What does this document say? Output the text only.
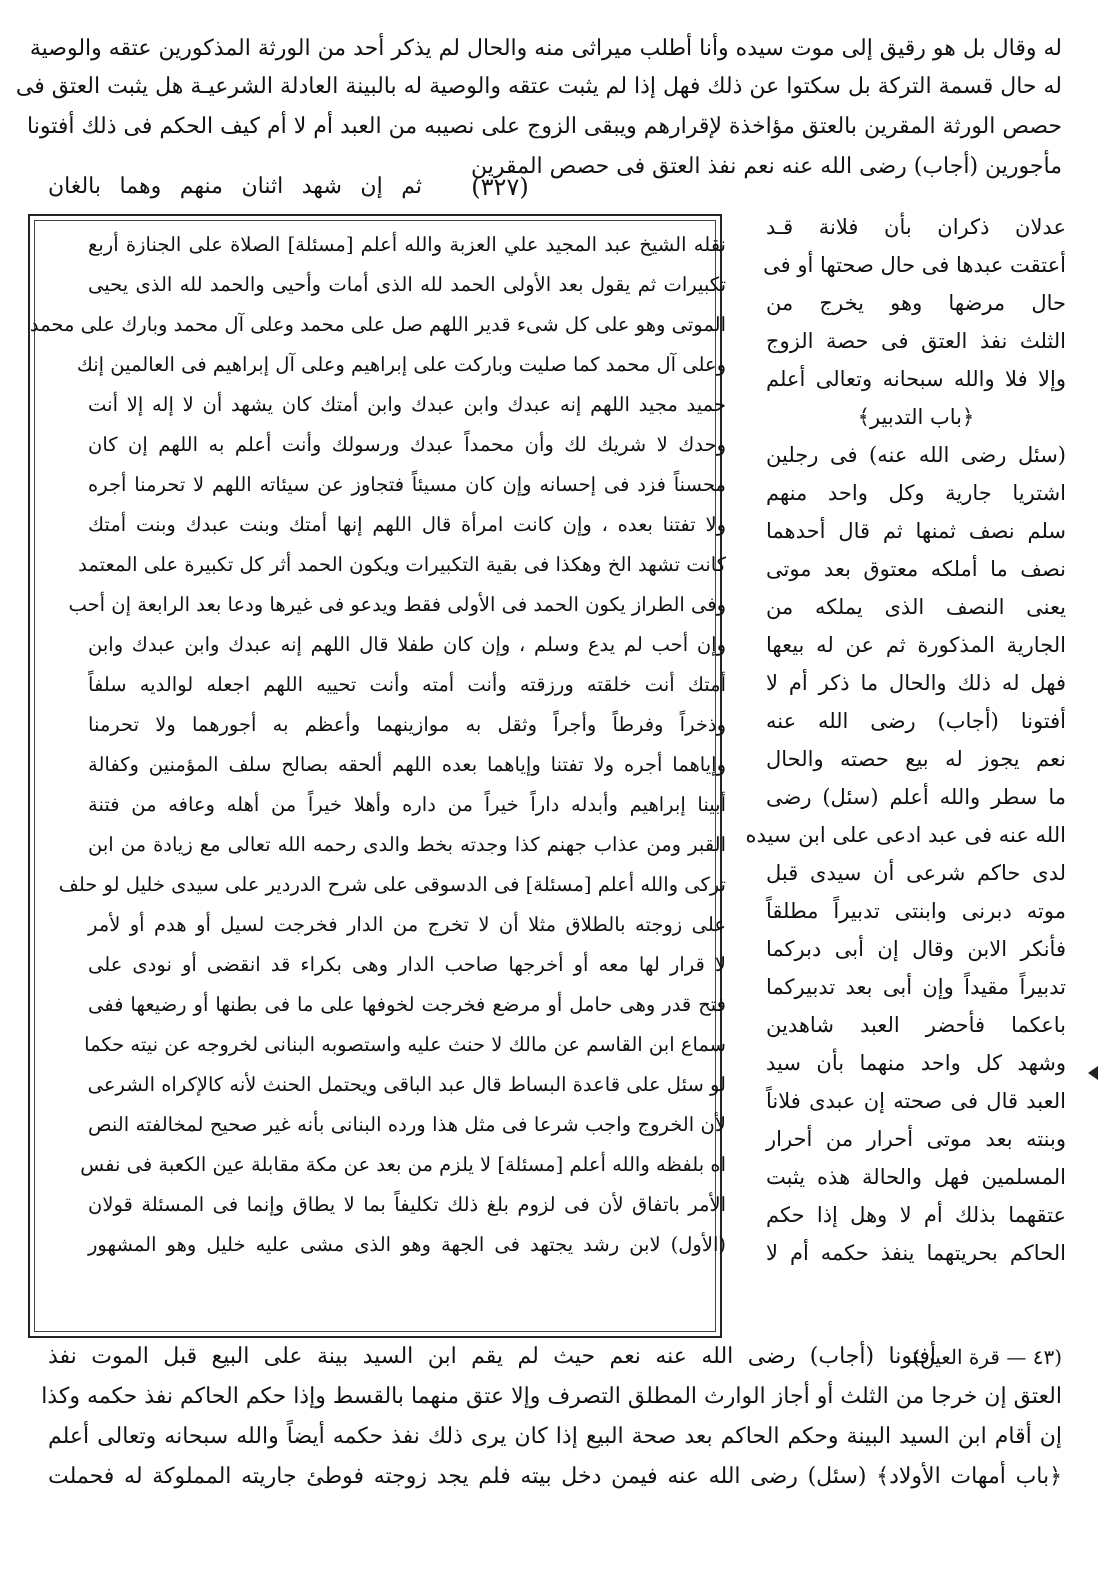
له وقال بل هو رقيق إلى موت سيده وأنا أطلب ميراثى منه والحال لم يذكر أحد من الورثة المذكورين عتقه والوصية
له حال قسمة التركة بل سكتوا عن ذلك فهل إذا لم يثبت عتقه والوصية له بالبينة العادلة الشرعيـة هل يثبت العتق فى
حصص الورثة المقرين بالعتق مؤاخذة لإقرارهم ويبقى الزوج على نصيبه من العبد أم لا أم كيف الحكم فى ذلك أفتونا
مأجورين (أجاب) رضى الله عنه نعم نفذ العتق فى حصص المقرين
(٣٢٧)
ثم إن شهد اثنان منهم وهما بالغان
عدلان ذكران بأن فلانة قـد
أعتقت عبدها فى حال صحتها أو فى
حال مرضها وهو يخرج من
الثلث نفذ العتق فى حصة الزوج
وإلا فلا والله سبحانه وتعالى أعلم
﴿باب التدبير﴾
(سئل رضى الله عنه) فى رجلين
اشتريا جارية وكل واحد منهم
سلم نصف ثمنها ثم قال أحدهما
نصف ما أملكه معتوق بعد موتى
يعنى النصف الذى يملكه من
الجارية المذكورة ثم عن له بيعها
فهل له ذلك والحال ما ذكر أم لا
أفتونا (أجاب) رضى الله عنه
نعم يجوز له بيع حصته والحال
ما سطر والله أعلم (سئل) رضى
الله عنه فى عبد ادعى على ابن سيده
لدى حاكم شرعى أن سيدى قبل
موته دبرنى وابنتى تدبيراً مطلقاً
فأنكر الابن وقال إن أبى دبركما
تدبيراً مقيداً وإن أبى بعد تدبيركما
باعكما فأحضر العبد شاهدين
وشهد كل واحد منهما بأن سيد
العبد قال فى صحته إن عبدى فلاناً
وبنته بعد موتى أحرار من أحرار
المسلمين فهل والحالة هذه يثبت
عتقهما بذلك أم لا وهل إذا حكم
الحاكم بحريتهما ينفذ حكمه أم لا
نقله الشيخ عبد المجيد علي العزبة والله أعلم [مسئلة] الصلاة على الجنازة أربع
تكبيرات ثم يقول بعد الأولى الحمد لله الذى أمات وأحيى والحمد لله الذى يحيى
الموتى وهو على كل شىء قدير اللهم صل على محمد وعلى آل محمد وبارك على محمد
وعلى آل محمد كما صليت وباركت على إبراهيم وعلى آل إبراهيم فى العالمين إنك
حميد مجيد اللهم إنه عبدك وابن عبدك وابن أمتك كان يشهد أن لا إله إلا أنت
وحدك لا شريك لك وأن محمداً عبدك ورسولك وأنت أعلم به اللهم إن كان
محسناً فزد فى إحسانه وإن كان مسيئاً فتجاوز عن سيئاته اللهم لا تحرمنا أجره
ولا تفتنا بعده ، وإن كانت امرأة قال اللهم إنها أمتك وبنت عبدك وبنت أمتك
كانت تشهد الخ وهكذا فى بقية التكبيرات ويكون الحمد أثر كل تكبيرة على المعتمد
وفى الطراز يكون الحمد فى الأولى فقط ويدعو فى غيرها ودعا بعد الرابعة إن أحب
وإن أحب لم يدع وسلم ، وإن كان طفلا قال اللهم إنه عبدك وابن عبدك وابن
أمتك أنت خلقته ورزقته وأنت أمته وأنت تحييه اللهم اجعله لوالديه سلفاً
وذخراً وفرطاً وأجراً وثقل به موازينهما وأعظم به أجورهما ولا تحرمنا
وإياهما أجره ولا تفتنا وإياهما بعده اللهم ألحقه بصالح سلف المؤمنين وكفالة
أبينا إبراهيم وأبدله داراً خيراً من داره وأهلا خيراً من أهله وعافه من فتنة
القبر ومن عذاب جهنم كذا وجدته بخط والدى رحمه الله تعالى مع زيادة من ابن
تركى والله أعلم [مسئلة] فى الدسوقى على شرح الدردير على سيدى خليل لو حلف
على زوجته بالطلاق مثلا أن لا تخرج من الدار فخرجت لسيل أو هدم أو لأمر
لا قرار لها معه أو أخرجها صاحب الدار وهى بكراء قد انقضى أو نودى على
فتح قدر وهى حامل أو مرضع فخرجت لخوفها على ما فى بطنها أو رضيعها ففى
سماع ابن القاسم عن مالك لا حنث عليه واستصوبه البنانى لخروجه عن نيته حكما
لو سئل على قاعدة البساط قال عبد الباقى ويحتمل الحنث لأنه كالإكراه الشرعى
لأن الخروج واجب شرعا فى مثل هذا ورده البنانى بأنه غير صحيح لمخالفته النص
اه بلفظه والله أعلم [مسئلة] لا يلزم من بعد عن مكة مقابلة عين الكعبة فى نفس
الأمر باتفاق لأن فى لزوم بلغ ذلك تكليفاً بما لا يطاق وإنما فى المسئلة قولان
(الأول) لابن رشد يجتهد فى الجهة وهو الذى مشى عليه خليل وهو المشهور
(٤٣ — قرة العين)
أفتونا (أجاب) رضى الله عنه نعم حيث لم يقم ابن السيد بينة على البيع قبل الموت نفذ
العتق إن خرجا من الثلث أو أجاز الوارث المطلق التصرف وإلا عتق منهما بالقسط وإذا حكم الحاكم نفذ حكمه وكذا
إن أقام ابن السيد البينة وحكم الحاكم بعد صحة البيع إذا كان يرى ذلك نفذ حكمه أيضاً والله سبحانه وتعالى أعلم
﴿باب أمهات الأولاد﴾ (سئل) رضى الله عنه فيمن دخل بيته فلم يجد زوجته فوطئ جاريته المملوكة له فحملت
